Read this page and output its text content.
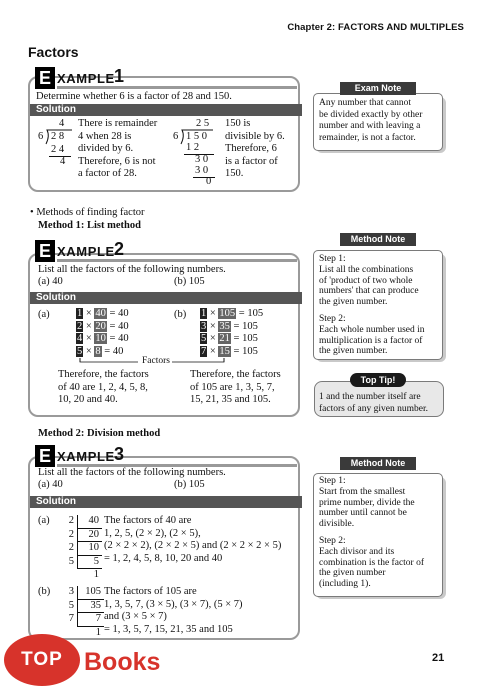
Chapter 2: FACTORS AND MULTIPLES
Factors
E XAMPLE 1
Determine whether 6 is a factor of 28 and 150.
Solution
4
6 2 8
2 4
4
There is remainder
4 when 28 is
divided by 6.
Therefore, 6 is not
a factor of 28.
2 5
6 1 5 0
1 2
3 0
3 0
0
150 is
divisible by 6.
Therefore, 6
is a factor of
150.
Exam Note
Any number that cannot
be divided exactly by other
number and with leaving a
remainder, is not a factor.
• Methods of finding factor
Method 1: List method
E XAMPLE 2
List all the factors of the following numbers.
(a) 40	(b) 105
Solution
(a)	1 × 40 = 40
2 × 20 = 40
4 × 10 = 40
5 × 8 = 40
(b) 1 × 105 = 105
3 × 35 = 105
5 × 21 = 105
7 × 15 = 105
Factors
Therefore, the factors
of 40 are 1, 2, 4, 5, 8,
10, 20 and 40.
Therefore, the factors
of 105 are 1, 3, 5, 7,
15, 21, 35 and 105.
Method Note
Step 1:
List all the combinations
of 'product of two whole
numbers' that can produce
the given number.
Step 2:
Each whole number used in
multiplication is a factor of
the given number.
Top Tip!
1 and the number itself are
factors of any given number.
Method 2: Division method
E XAMPLE 3
List all the factors of the following numbers.
(a) 40	(b) 105
Solution
(a)	2	40
2	20
2	10
5	5
1
The factors of 40 are
1, 2, 5, (2 × 2), (2 × 5),
(2 × 2 × 2), (2 × 2 × 5) and (2 × 2 × 2 × 5)
= 1, 2, 4, 5, 8, 10, 20 and 40
(b)	3	105
5	35
7	7
1
The factors of 105 are
1, 3, 5, 7, (3 × 5), (3 × 7), (5 × 7)
and (3 × 5 × 7)
= 1, 3, 5, 7, 15, 21, 35 and 105
Method Note
Step 1:
Start from the smallest
prime number, divide the
number until cannot be
divisible.
Step 2:
Each divisor and its
combination is the factor of
the given number
(including 1).
TOP Books	21
